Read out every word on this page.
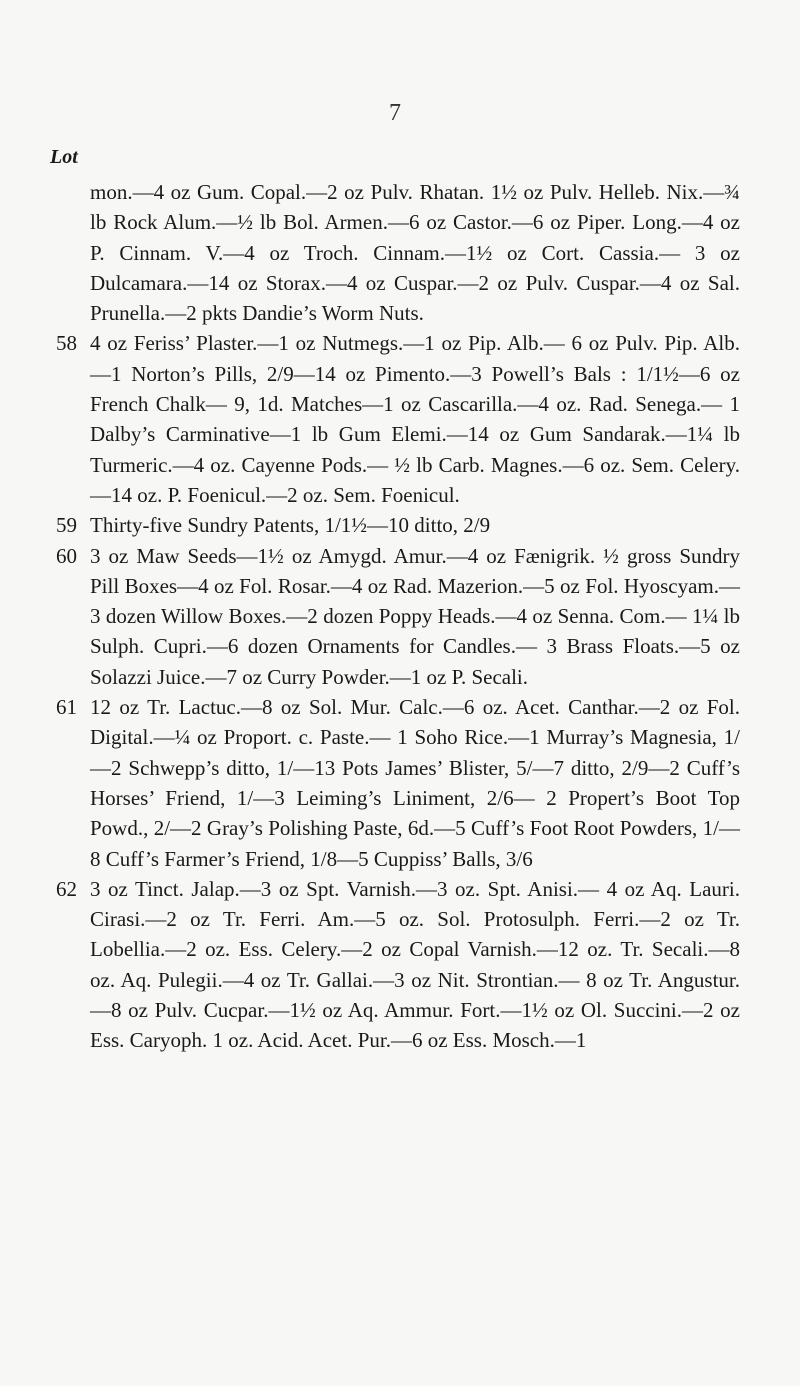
7
Lot
mon.—4 oz Gum. Copal.—2 oz Pulv. Rhatan. 1½ oz Pulv. Helleb. Nix.—¾ lb Rock Alum.—½ lb Bol. Armen.—6 oz Castor.—6 oz Piper. Long.—4 oz P. Cinnam. V.—4 oz Troch. Cinnam.—1½ oz Cort. Cassia.— 3 oz Dulcamara.—14 oz Storax.—4 oz Cuspar.—2 oz Pulv. Cuspar.—4 oz Sal. Prunella.—2 pkts Dandie’s Worm Nuts.
58 4 oz Feriss’ Plaster.—1 oz Nutmegs.—1 oz Pip. Alb.— 6 oz Pulv. Pip. Alb.—1 Norton’s Pills, 2/9—14 oz Pimento.—3 Powell’s Bals : 1/1½—6 oz French Chalk— 9, 1d. Matches—1 oz Cascarilla.—4 oz. Rad. Senega.— 1 Dalby’s Carminative—1 lb Gum Elemi.—14 oz Gum Sandarak.—1¼ lb Turmeric.—4 oz. Cayenne Pods.— ½ lb Carb. Magnes.—6 oz. Sem. Celery.—14 oz. P. Foenicul.—2 oz. Sem. Foenicul.
59 Thirty-five Sundry Patents, 1/1½—10 ditto, 2/9
60 3 oz Maw Seeds—1½ oz Amygd. Amur.—4 oz Fænigrik. ½ gross Sundry Pill Boxes—4 oz Fol. Rosar.—4 oz Rad. Mazerion.—5 oz Fol. Hyoscyam.—3 dozen Willow Boxes.—2 dozen Poppy Heads.—4 oz Senna. Com.— 1¼ lb Sulph. Cupri.—6 dozen Ornaments for Candles.— 3 Brass Floats.—5 oz Solazzi Juice.—7 oz Curry Powder.—1 oz P. Secali.
61 12 oz Tr. Lactuc.—8 oz Sol. Mur. Calc.—6 oz. Acet. Canthar.—2 oz Fol. Digital.—¼ oz Proport. c. Paste.— 1 Soho Rice.—1 Murray’s Magnesia, 1/—2 Schwepp’s ditto, 1/—13 Pots James’ Blister, 5/—7 ditto, 2/9—2 Cuff’s Horses’ Friend, 1/—3 Leiming’s Liniment, 2/6— 2 Propert’s Boot Top Powd., 2/—2 Gray’s Polishing Paste, 6d.—5 Cuff’s Foot Root Powders, 1/—8 Cuff’s Farmer’s Friend, 1/8—5 Cuppiss’ Balls, 3/6
62 3 oz Tinct. Jalap.—3 oz Spt. Varnish.—3 oz. Spt. Anisi.— 4 oz Aq. Lauri. Cirasi.—2 oz Tr. Ferri. Am.—5 oz. Sol. Protosulph. Ferri.—2 oz Tr. Lobellia.—2 oz. Ess. Celery.—2 oz Copal Varnish.—12 oz. Tr. Secali.—8 oz. Aq. Pulegii.—4 oz Tr. Gallai.—3 oz Nit. Strontian.— 8 oz Tr. Angustur.—8 oz Pulv. Cucpar.—1½ oz Aq. Ammur. Fort.—1½ oz Ol. Succini.—2 oz Ess. Caryoph. 1 oz. Acid. Acet. Pur.—6 oz Ess. Mosch.—1
